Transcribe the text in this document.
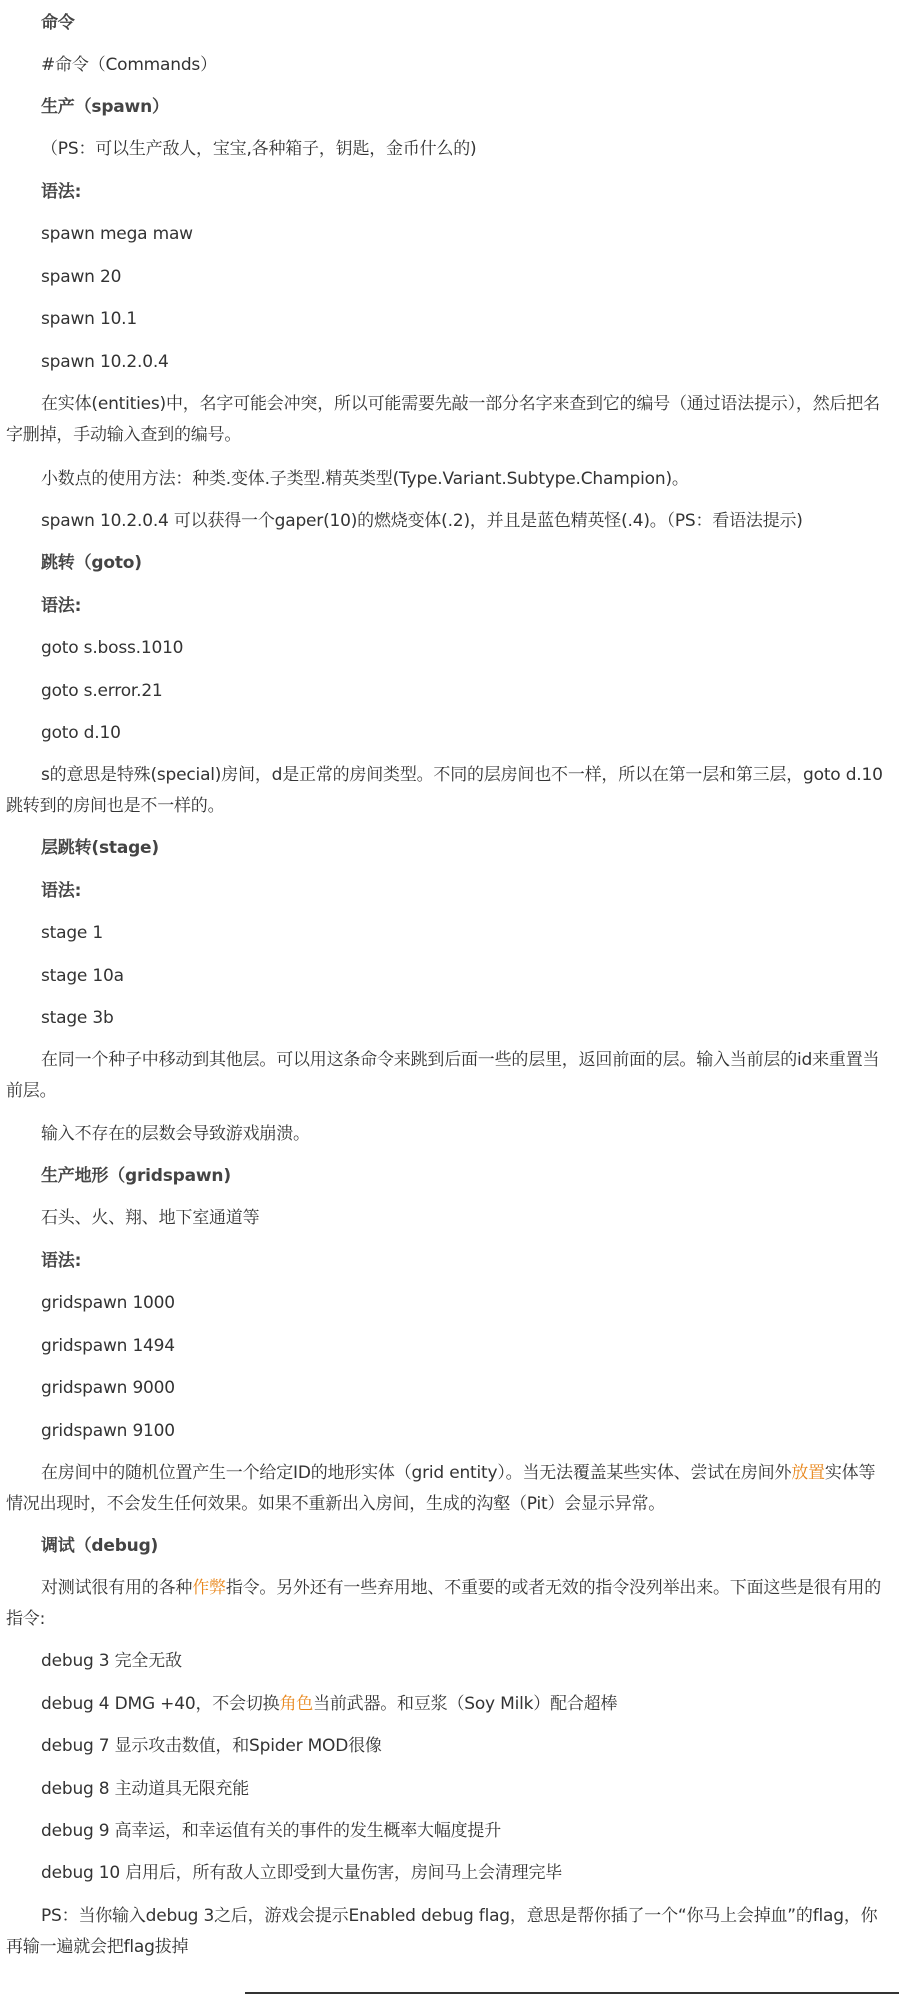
命令

#命令（Commands）

生产（spawn）

（PS：可以生产敌人，宝宝,各种箱子，钥匙，金币什么的)

语法:

spawn mega maw

spawn 20

spawn 10.1

spawn 10.2.0.4

在实体(entities)中，名字可能会冲突，所以可能需要先敲一部分名字来查到它的编号（通过语法提示），然后把名字删掉，手动输入查到的编号。

小数点的使用方法：种类.变体.子类型.精英类型(Type.Variant.Subtype.Champion)。

spawn 10.2.0.4 可以获得一个gaper(10)的燃烧变体(.2)，并且是蓝色精英怪(.4)。（PS：看语法提示)

跳转（goto)

语法:

goto s.boss.1010

goto s.error.21

goto d.10

s的意思是特殊(special)房间，d是正常的房间类型。不同的层房间也不一样，所以在第一层和第三层，goto d.10跳转到的房间也是不一样的。

层跳转(stage)

语法:

stage 1

stage 10a

stage 3b

在同一个种子中移动到其他层。可以用这条命令来跳到后面一些的层里，返回前面的层。输入当前层的id来重置当前层。

输入不存在的层数会导致游戏崩溃。

生产地形（gridspawn)

石头、火、翔、地下室通道等

语法:

gridspawn 1000

gridspawn 1494

gridspawn 9000

gridspawn 9100

在房间中的随机位置产生一个给定ID的地形实体（grid entity）。当无法覆盖某些实体、尝试在房间外放置实体等情况出现时，不会发生任何效果。如果不重新出入房间，生成的沟壑（Pit）会显示异常。

调试（debug)

对测试很有用的各种作弊指令。另外还有一些弃用地、不重要的或者无效的指令没列举出来。下面这些是很有用的指令:

debug 3 完全无敌

debug 4 DMG +40，不会切换角色当前武器。和豆浆（Soy Milk）配合超棒

debug 7 显示攻击数值，和Spider MOD很像

debug 8 主动道具无限充能

debug 9 高幸运，和幸运值有关的事件的发生概率大幅度提升

debug 10 启用后，所有敌人立即受到大量伤害，房间马上会清理完毕

PS：当你输入debug 3之后，游戏会提示Enabled debug flag，意思是帮你插了一个“你马上会掉血”的flag，你再输一遍就会把flag拔掉
